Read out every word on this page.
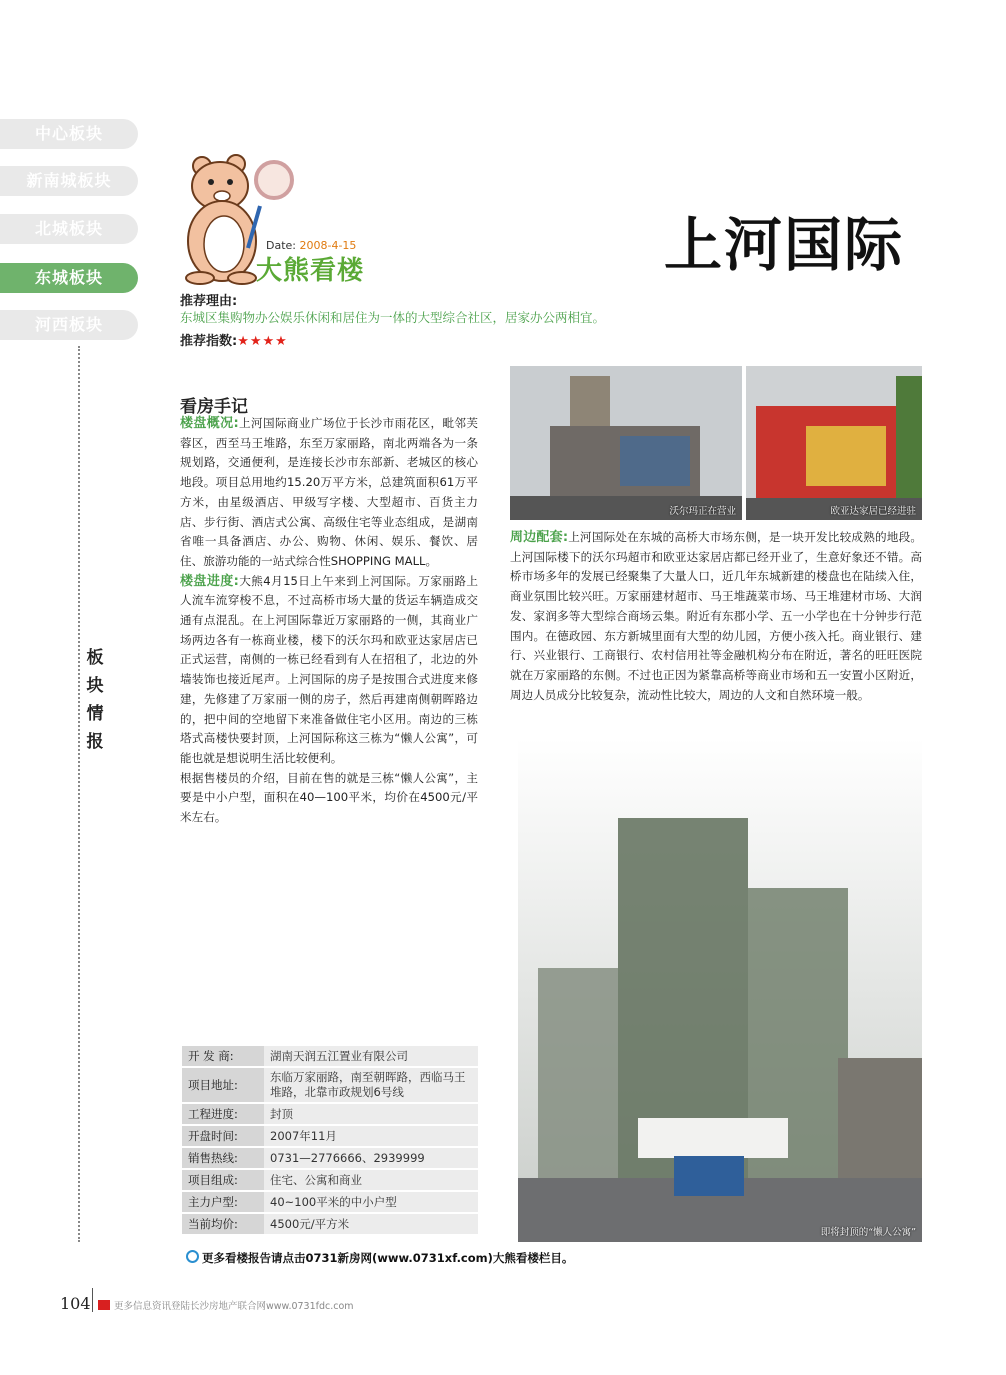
中心板块
新南城板块
北城板块
东城板块
河西板块
板
块
情
报
Date: 2008-4-15
大熊看楼	上河国际
推荐理由:
东城区集购物办公娱乐休闲和居住为一体的大型综合社区，居家办公两相宜。
推荐指数:★★★★
看房手记

楼盘概况:上河国际商业广场位于长沙市雨花区，毗邻芙蓉区，西至马王堆路，东至万家丽路，南北两端各为一条规划路，交通便利，是连接长沙市东部新、老城区的核心地段。项目总用地约15.20万平方米，总建筑面积61万平方米，由星级酒店、甲级写字楼、大型超市、百货主力店、步行街、酒店式公寓、高级住宅等业态组成，是湖南省唯一具备酒店、办公、购物、休闲、娱乐、餐饮、居住、旅游功能的一站式综合性SHOPPING MALL。

楼盘进度:大熊4月15日上午来到上河国际。万家丽路上人流车流穿梭不息，不过高桥市场大量的货运车辆造成交通有点混乱。在上河国际靠近万家丽路的一侧，其商业广场两边各有一栋商业楼，楼下的沃尔玛和欧亚达家居店已正式运营，南侧的一栋已经看到有人在招租了，北边的外墙装饰也接近尾声。上河国际的房子是按围合式进度来修建，先修建了万家丽一侧的房子，然后再建南侧朝晖路边的，把中间的空地留下来准备做住宅小区用。南边的三栋塔式高楼快要封顶，上河国际称这三栋为“懒人公寓”，可能也就是想说明生活比较便利。

根据售楼员的介绍，目前在售的就是三栋“懒人公寓”，主要是中小户型，面积在40—100平米，均价在4500元/平米左右。

沃尔玛正在营业	欧亚达家居已经进驻

周边配套:上河国际处在东城的高桥大市场东侧，是一块开发比较成熟的地段。上河国际楼下的沃尔玛超市和欧亚达家居店都已经开业了，生意好象还不错。高桥市场多年的发展已经聚集了大量人口，近几年东城新建的楼盘也在陆续入住，商业氛围比较兴旺。万家丽建材超市、马王堆蔬菜市场、马王堆建材市场、大润发、家润多等大型综合商场云集。附近有东郡小学、五一小学也在十分钟步行范围内。在德政园、东方新城里面有大型的幼儿园，方便小孩入托。商业银行、建行、兴业银行、工商银行、农村信用社等金融机构分布在附近，著名的旺旺医院就在万家丽路的东侧。不过也正因为紧靠高桥等商业市场和五一安置小区附近，周边人员成分比较复杂，流动性比较大，周边的人文和自然环境一般。

即将封顶的“懒人公寓”
开 发 商:	湖南天润五江置业有限公司
项目地址:	东临万家丽路，南至朝晖路，西临马王堆路，北靠市政规划6号线
工程进度:	封顶
开盘时间:	2007年11月
销售热线:	0731—2776666、2939999
项目组成:	住宅、公寓和商业
主力户型:	40~100平米的中小户型
当前均价:	4500元/平方米
更多看楼报告请点击0731新房网(www.0731xf.com)大熊看楼栏目。
104	更多信息资讯登陆长沙房地产联合网www.0731fdc.com
